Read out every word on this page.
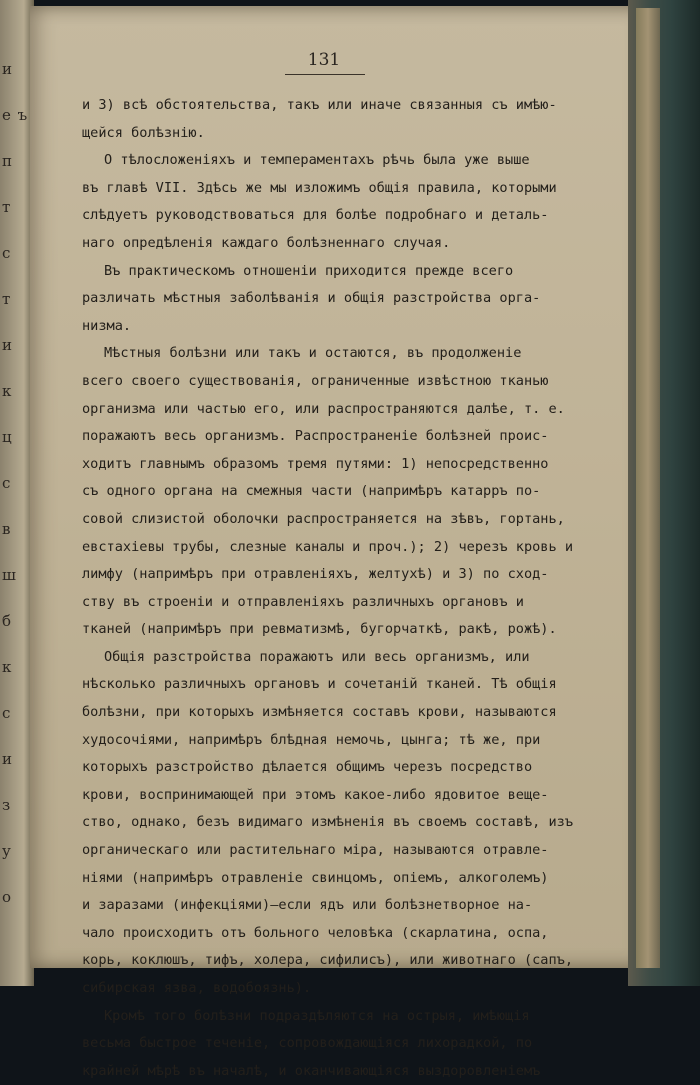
и
е ъ
п
т
с
т
и
к
ц
с
в
ш
б
к
с
и
з
у
о
131
и 3) всѣ обстоятельства, такъ или иначе связанныя съ имѣю-
щейся болѣзнію.
О тѣлосложеніяхъ и темпераментахъ рѣчь была уже выше
въ главѣ VII. Здѣсь же мы изложимъ общія правила, которыми
слѣдуетъ руководствоваться для болѣе подробнаго и деталь-
наго опредѣленія каждаго болѣзненнаго случая.
Въ практическомъ отношеніи приходится прежде всего
различать мѣстныя заболѣванія и общія разстройства орга-
низма.
Мѣстныя болѣзни или такъ и остаются, въ продолженіе
всего своего существованія, ограниченные извѣстною тканью
организма или частью его, или распространяются далѣе, т. е.
поражаютъ весь организмъ. Распространеніе болѣзней проис-
ходитъ главнымъ образомъ тремя путями: 1) непосредственно
съ одного органа на смежныя части (напримѣръ катарръ по-
совой слизистой оболочки распространяется на зѣвъ, гортань,
евстахіевы трубы, слезные каналы и проч.); 2) черезъ кровь и
лимфу (напримѣръ при отравленіяхъ, желтухѣ) и 3) по сход-
ству въ строеніи и отправленіяхъ различныхъ органовъ и
тканей (напримѣръ при ревматизмѣ, бугорчаткѣ, ракѣ, рожѣ).
Общія разстройства поражаютъ или весь организмъ, или
нѣсколько различныхъ органовъ и сочетаній тканей. Тѣ общія
болѣзни, при которыхъ измѣняется составъ крови, называются
худосочіями, напримѣръ блѣдная немочь, цынга; тѣ же, при
которыхъ разстройство дѣлается общимъ черезъ посредство
крови, воспринимающей при этомъ какое-либо ядовитое веще-
ство, однако, безъ видимаго измѣненія въ своемъ составѣ, изъ
органическаго или растительнаго міра, называются отравле-
ніями (напримѣръ отравленіе свинцомъ, опіемъ, алкоголемъ)
и заразами (инфекціями)—если ядъ или болѣзнетворное на-
чало происходитъ отъ больного человѣка (скарлатина, оспа,
корь, коклюшъ, тифъ, холера, сифилисъ), или животнаго (сапъ,
сибирская язва, водобоязнь).
Кромѣ того болѣзни подраздѣляются на острыя, имѣющія
весьма быстрое теченіе, сопровождающіяся лихорадкой, по
крайней мѣрѣ въ началѣ, и оканчивающіяся выздоровленіемъ
